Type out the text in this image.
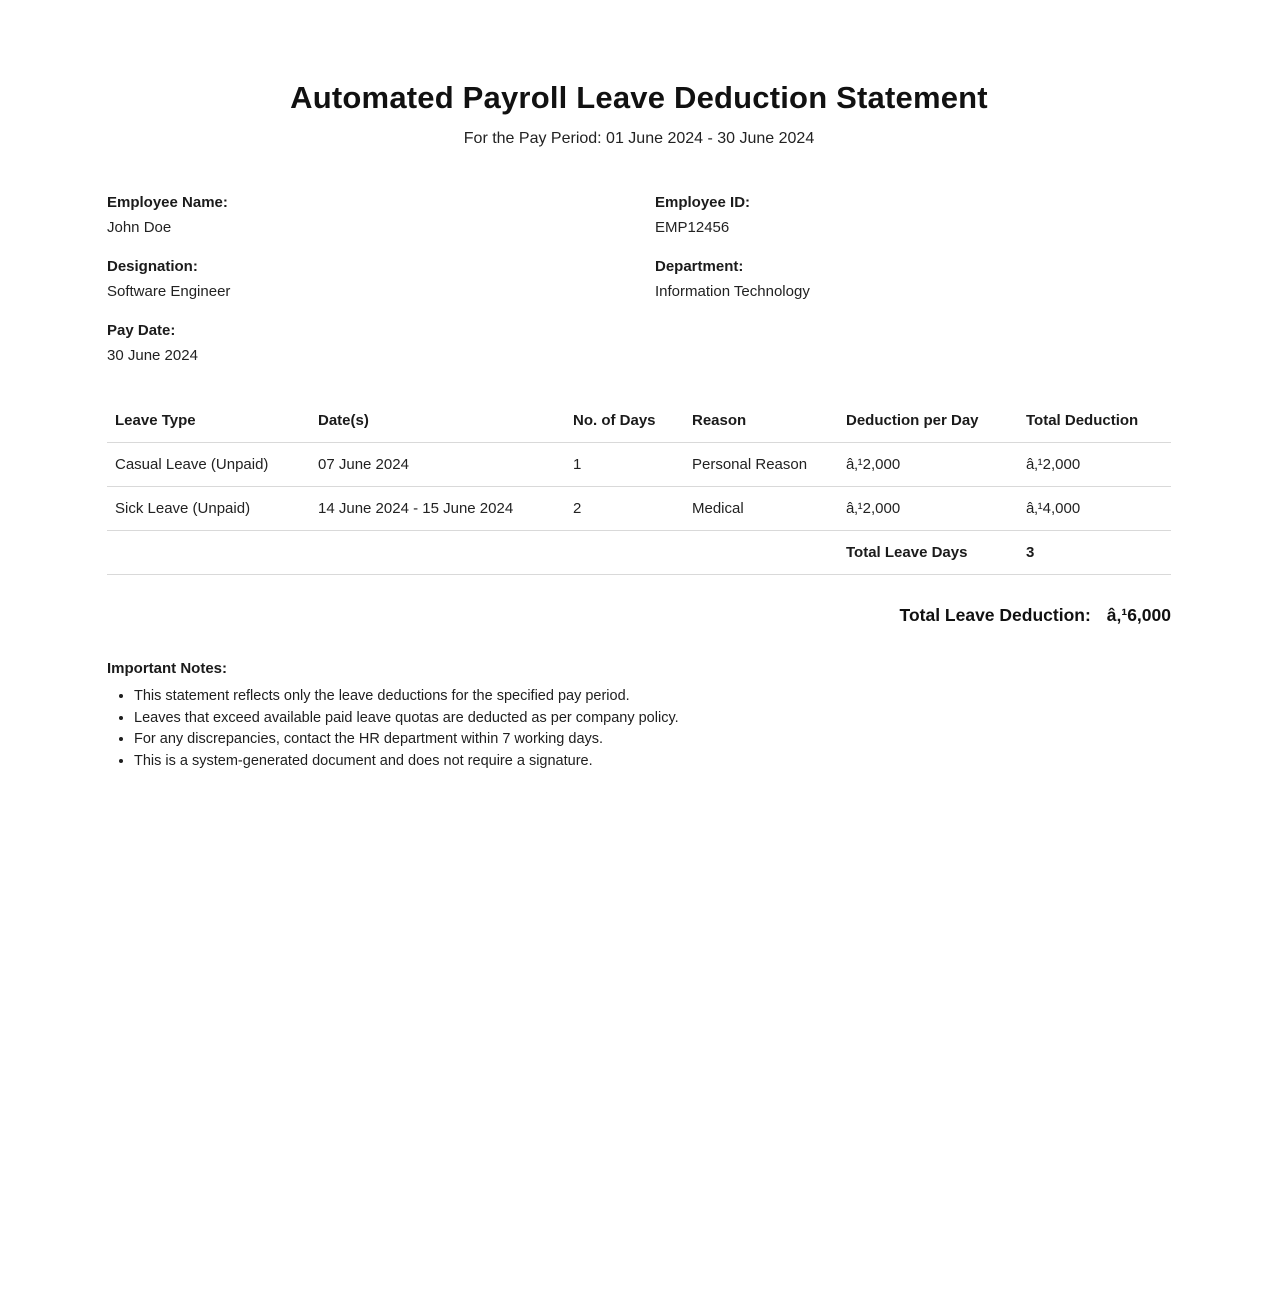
Automated Payroll Leave Deduction Statement
For the Pay Period: 01 June 2024 - 30 June 2024
Employee Name:
John Doe
Employee ID:
EMP12456
Designation:
Software Engineer
Department:
Information Technology
Pay Date:
30 June 2024
Leave Type	Date(s)	No. of Days	Reason	Deduction per Day	Total Deduction
Casual Leave (Unpaid)	07 June 2024	1	Personal Reason	â‚¹2,000	â‚¹2,000
Sick Leave (Unpaid)	14 June 2024 - 15 June 2024	2	Medical	â‚¹2,000	â‚¹4,000
				Total Leave Days	3
Total Leave Deduction: â‚¹6,000
Important Notes:
• This statement reflects only the leave deductions for the specified pay period.
• Leaves that exceed available paid leave quotas are deducted as per company policy.
• For any discrepancies, contact the HR department within 7 working days.
• This is a system-generated document and does not require a signature.
